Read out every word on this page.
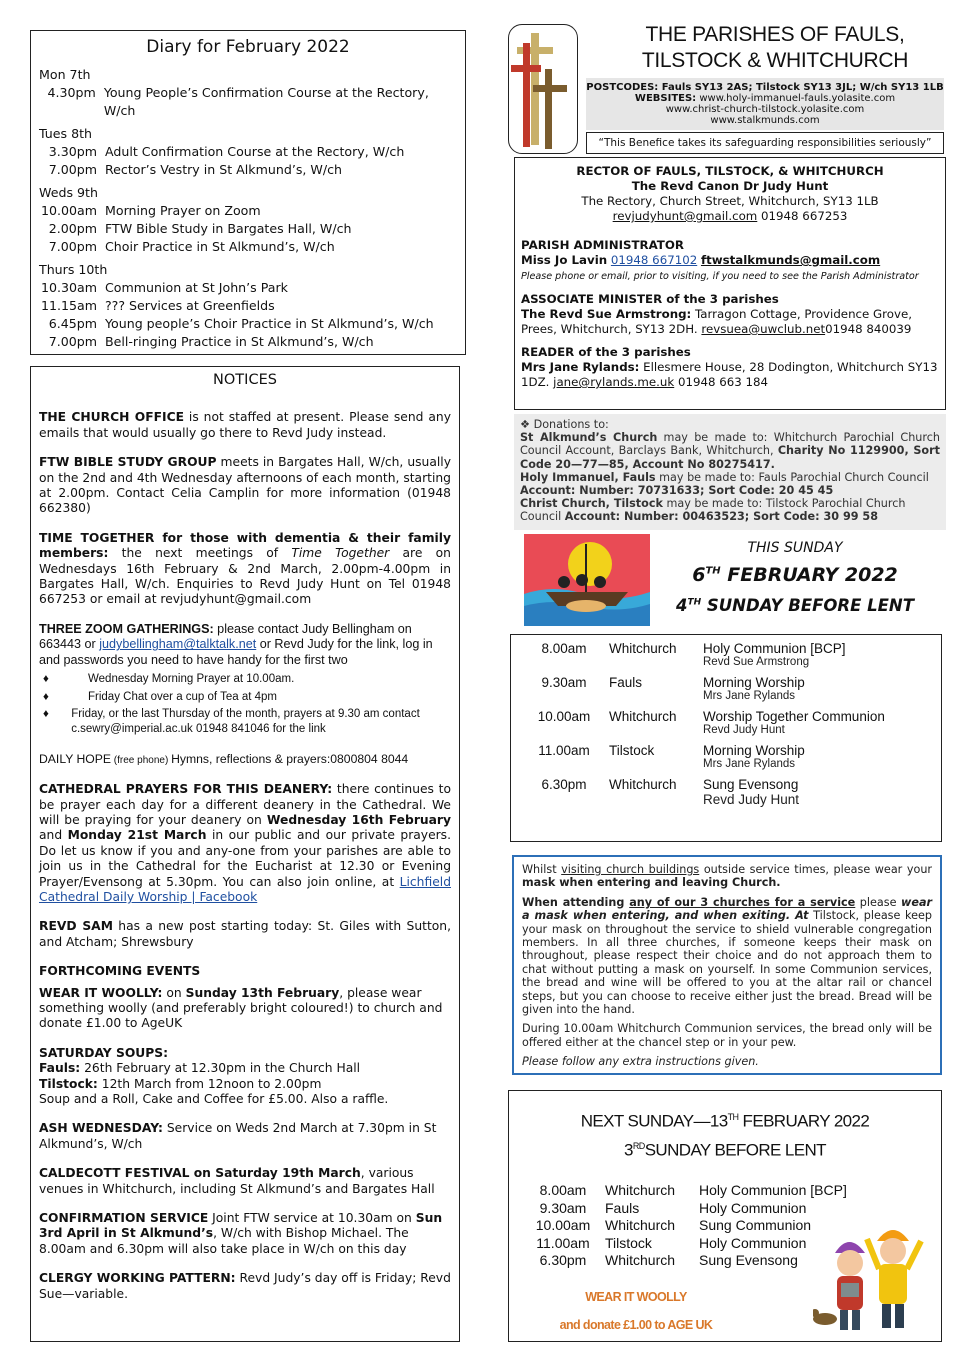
Diary for February 2022
Mon 7th
4.30pm Young People’s Confirmation Course at the Rectory, W/ch
Tues 8th
3.30pm Adult Confirmation Course at the Rectory, W/ch
7.00pm Rector’s Vestry in St Alkmund’s, W/ch
Weds 9th
10.00am Morning Prayer on Zoom
2.00pm FTW Bible Study in Bargates Hall, W/ch
7.00pm Choir Practice in St Alkmund’s, W/ch
Thurs 10th
10.30am Communion at St John’s Park
11.15am ??? Services at Greenfields
6.45pm Young people’s Choir Practice in St Alkmund’s, W/ch
7.00pm Bell-ringing Practice in St Alkmund’s, W/ch
NOTICES

THE CHURCH OFFICE is not staffed at present. Please send any emails that would usually go there to Revd Judy instead.

FTW BIBLE STUDY GROUP meets in Bargates Hall, W/ch, usually on the 2nd and 4th Wednesday afternoons of each month, starting at 2.00pm. Contact Celia Camplin for more information (01948 662380)

TIME TOGETHER for those with dementia & their family members: the next meetings of Time Together are on Wednesdays 16th February & 2nd March, 2.00pm-4.00pm in Bargates Hall, W/ch. Enquiries to Revd Judy Hunt on Tel 01948 667253 or email at revjudyhunt@gmail.com

THREE ZOOM GATHERINGS: please contact Judy Bellingham on 663443 or judybellingham@talktalk.net or Revd Judy for the link, log in and passwords you need to have handy for the first two

♦	Wednesday Morning Prayer at 10.00am.
♦	Friday Chat over a cup of Tea at 4pm
♦	Friday, or the last Thursday of the month, prayers at 9.30 am contact c.sewry@imperial.ac.uk 01948 841046 for the link

DAILY HOPE (free phone) Hymns, reflections & prayers:0800804 8044

CATHEDRAL PRAYERS FOR THIS DEANERY: there continues to be prayer each day for a different deanery in the Cathedral. We will be praying for your deanery on Wednesday 16th February and Monday 21st March in our public and our private prayers. Do let us know if you and any-one from your parishes are able to join us in the Cathedral for the Eucharist at 12.30 or Evening Prayer/Evensong at 5.30pm. You can also join online, at Lichfield Cathedral Daily Worship | Facebook

REVD SAM has a new post starting today: St. Giles with Sutton, and Atcham; Shrewsbury

FORTHCOMING EVENTS

WEAR IT WOOLLY: on Sunday 13th February, please wear something woolly (and preferably bright coloured!) to church and donate £1.00 to AgeUK

SATURDAY SOUPS:
Fauls: 26th February at 12.30pm in the Church Hall
Tilstock: 12th March from 12noon to 2.00pm
Soup and a Roll, Cake and Coffee for £5.00. Also a raffle.

ASH WEDNESDAY: Service on Weds 2nd March at 7.30pm in St Alkmund’s, W/ch

CALDECOTT FESTIVAL on Saturday 19th March, various venues in Whitchurch, including St Alkmund’s and Bargates Hall

CONFIRMATION SERVICE Joint FTW service at 10.30am on Sun 3rd April in St Alkmund’s, W/ch with Bishop Michael. The 8.00am and 6.30pm will also take place in W/ch on this day

CLERGY WORKING PATTERN: Revd Judy’s day off is Friday; Revd Sue—variable.

THE PARISHES OF FAULS,
TILSTOCK & WHITCHURCH
POSTCODES: Fauls SY13 2AS; Tilstock SY13 3JL; W/ch SY13 1LB
WEBSITES: www.holy-immanuel-fauls.yolasite.com
www.christ-church-tilstock.yolasite.com
www.stalkmunds.com
“This Benefice takes its safeguarding responsibilities seriously”
RECTOR OF FAULS, TILSTOCK, & WHITCHURCH
The Revd Canon Dr Judy Hunt
The Rectory, Church Street, Whitchurch, SY13 1LB
revjudyhunt@gmail.com 01948 667253
PARISH ADMINISTRATOR
Miss Jo Lavin 01948 667102 ftwstalkmunds@gmail.com
Please phone or email, prior to visiting, if you need to see the Parish Administrator
ASSOCIATE MINISTER of the 3 parishes
The Revd Sue Armstrong: Tarragon Cottage, Providence Grove, Prees, Whitchurch, SY13 2DH. revsuea@uwclub.net01948 840039
READER of the 3 parishes
Mrs Jane Rylands: Ellesmere House, 28 Dodington, Whitchurch SY13 1DZ. jane@rylands.me.uk 01948 663 184
❖ Donations to:
St Alkmund’s Church may be made to: Whitchurch Parochial Church Council Account, Barclays Bank, Whitchurch, Charity No 1129900, Sort Code 20—77—85, Account No 80275417.
Holy Immanuel, Fauls may be made to: Fauls Parochial Church Council Account: Number: 70731633; Sort Code: 20 45 45
Christ Church, Tilstock may be made to: Tilstock Parochial Church Council Account: Number: 00463523; Sort Code: 30 99 58
THIS SUNDAY
6TH FEBRUARY 2022
4TH SUNDAY BEFORE LENT
8.00am	Whitchurch	Holy Communion [BCP]
Revd Sue Armstrong
9.30am	Fauls	Morning Worship
Mrs Jane Rylands
10.00am	Whitchurch	Worship Together Communion
Revd Judy Hunt
11.00am	Tilstock	Morning Worship
Mrs Jane Rylands
6.30pm	Whitchurch	Sung Evensong
Revd Judy Hunt

Whilst visiting church buildings outside service times, please wear your mask when entering and leaving Church.

When attending any of our 3 churches for a service please wear a mask when entering, and when exiting. At Tilstock, please keep your mask on throughout the service to shield vulnerable congregation members. In all three churches, if someone keeps their mask on throughout, please respect their choice and do not approach them to chat without putting a mask on yourself. In some Communion services, the bread and wine will be offered to you at the altar rail or chancel steps, but you can choose to receive either just the bread. Bread will be given into the hand.

During 10.00am Whitchurch Communion services, the bread only will be offered either at the chancel step or in your pew.

Please follow any extra instructions given.

NEXT SUNDAY—13TH FEBRUARY 2022
3RDSUNDAY BEFORE LENT
8.00am	Whitchurch	Holy Communion [BCP]
9.30am	Fauls	Holy Communion
10.00am	Whitchurch	Sung Communion
11.00am	Tilstock	Holy Communion
6.30pm	Whitchurch	Sung Evensong
WEAR IT WOOLLY
and donate £1.00 to AGE UK
